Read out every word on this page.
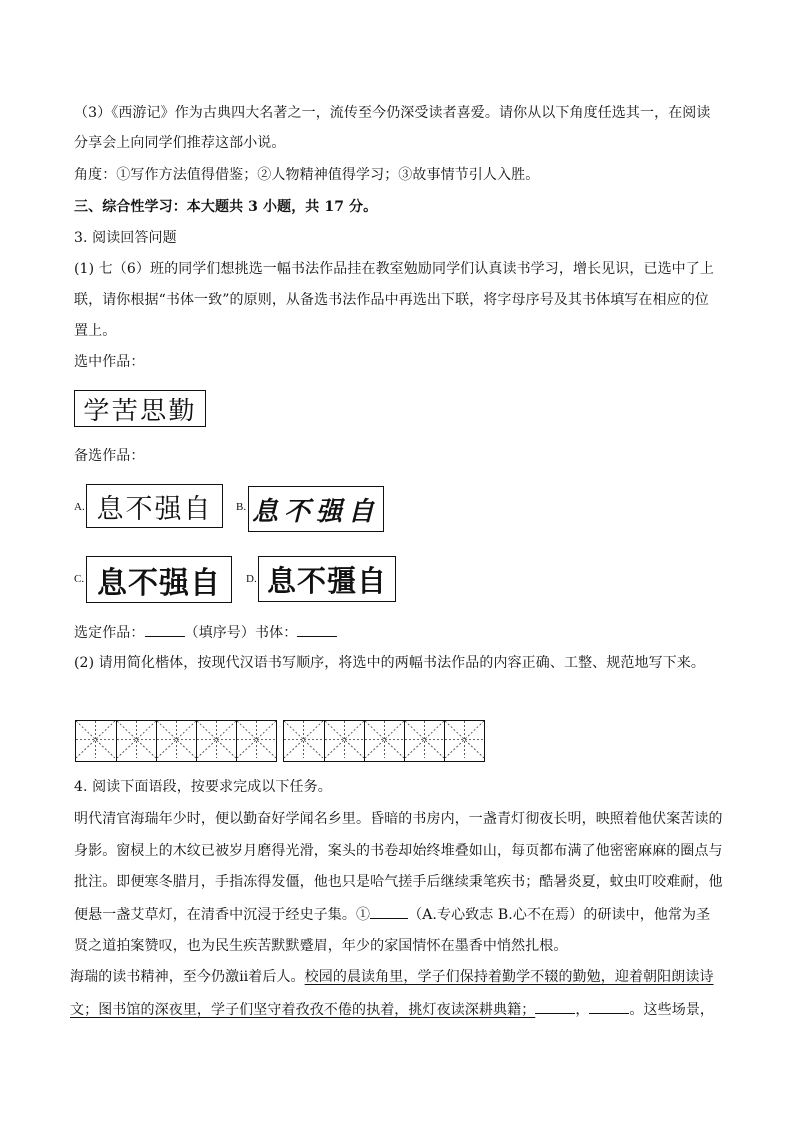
（3）《西游记》作为古典四大名著之一，流传至今仍深受读者喜爱。请你从以下角度任选其一，在阅读
分享会上向同学们推荐这部小说。
角度：①写作方法值得借鉴；②人物精神值得学习；③故事情节引人入胜。
三、综合性学习：本大题共 3 小题，共 17 分。
3. 阅读回答问题
(1) 七（6）班的同学们想挑选一幅书法作品挂在教室勉励同学们认真读书学习，增长见识，已选中了上
联，请你根据“书体一致”的原则，从备选书法作品中再选出下联，将字母序号及其书体填写在相应的位
置上。
选中作品：
学苦思勤
备选作品：
A. 息不强自 B. 息不强自
C. 息不强自 D. 息不彊自
选定作品：	（填序号）书体：
(2) 请用简化楷体，按现代汉语书写顺序，将选中的两幅书法作品的内容正确、工整、规范地写下来。
4. 阅读下面语段，按要求完成以下任务。
明代清官海瑞年少时，便以勤奋好学闻名乡里。昏暗的书房内，一盏青灯彻夜长明，映照着他伏案苦读的
身影。窗棂上的木纹已被岁月磨得光滑，案头的书卷却始终堆叠如山，每页都布满了他密密麻麻的圈点与
批注。即便寒冬腊月，手指冻得发僵，他也只是哈气搓手后继续秉笔疾书；酷暑炎夏，蚊虫叮咬难耐，他
便悬一盏艾草灯，在清香中沉浸于经史子集。①	（A.专心致志 B.心不在焉）的研读中，他常为圣
贤之道拍案赞叹，也为民生疾苦默默蹙眉，年少的家国情怀在墨香中悄然扎根。
海瑞的读书精神，至今仍激ⅱ着后人。校园的晨读角里，学子们保持着勤学不辍的勤勉，迎着朝阳朗读诗
文；图书馆的深夜里，学子们坚守着孜孜不倦的执着，挑灯夜读深耕典籍；	，	。这些场景，
